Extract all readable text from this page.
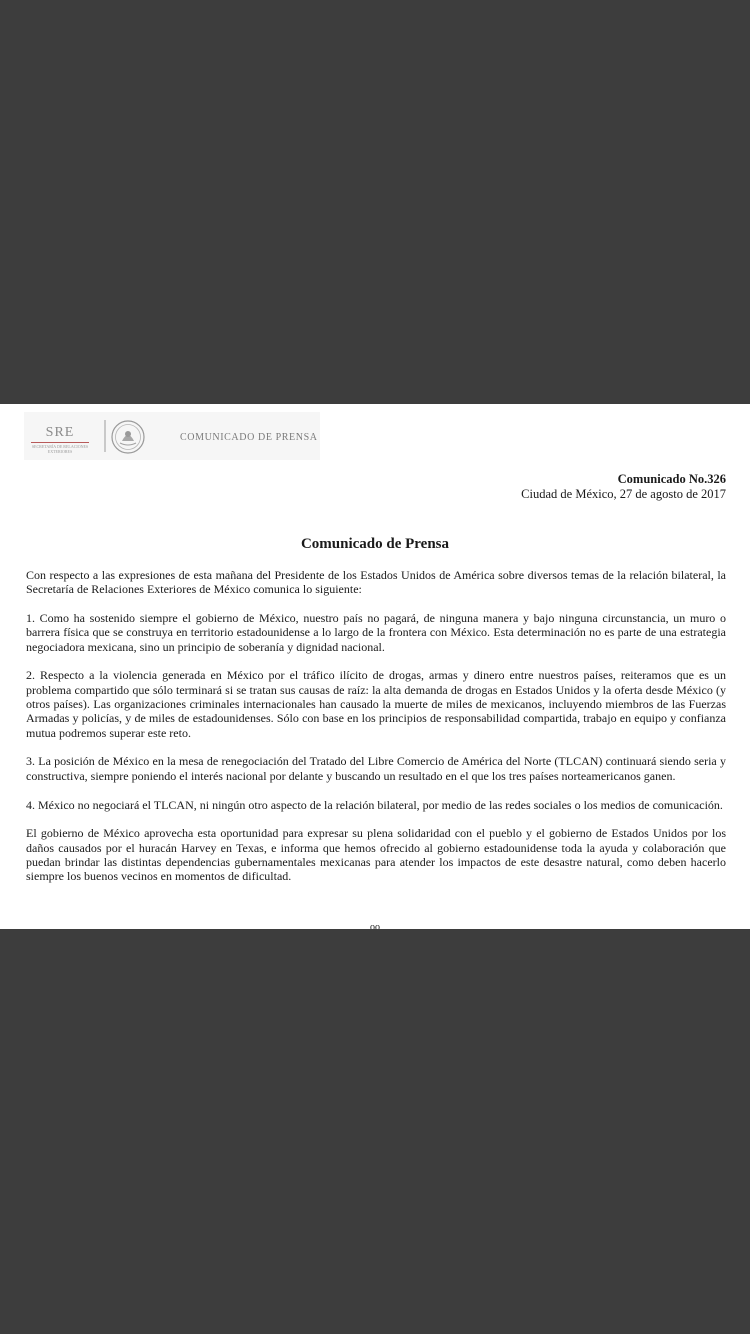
SRE
SECRETARÍA DE RELACIONES EXTERIORES
COMUNICADO DE PRENSA
Comunicado No.326
Ciudad de México, 27 de agosto de 2017
Comunicado de Prensa

Con respecto a las expresiones de esta mañana del Presidente de los Estados Unidos de América sobre diversos temas de la relación bilateral, la Secretaría de Relaciones Exteriores de México comunica lo siguiente:

1. Como ha sostenido siempre el gobierno de México, nuestro país no pagará, de ninguna manera y bajo ninguna circunstancia, un muro o barrera física que se construya en territorio estadounidense a lo largo de la frontera con México. Esta determinación no es parte de una estrategia negociadora mexicana, sino un principio de soberanía y dignidad nacional.

2. Respecto a la violencia generada en México por el tráfico ilícito de drogas, armas y dinero entre nuestros países, reiteramos que es un problema compartido que sólo terminará si se tratan sus causas de raíz: la alta demanda de drogas en Estados Unidos y la oferta desde México (y otros países). Las organizaciones criminales internacionales han causado la muerte de miles de mexicanos, incluyendo miembros de las Fuerzas Armadas y policías, y de miles de estadounidenses. Sólo con base en los principios de responsabilidad compartida, trabajo en equipo y confianza mutua podremos superar este reto.

3. La posición de México en la mesa de renegociación del Tratado del Libre Comercio de América del Norte (TLCAN) continuará siendo seria y constructiva, siempre poniendo el interés nacional por delante y buscando un resultado en el que los tres países norteamericanos ganen.

4. México no negociará el TLCAN, ni ningún otro aspecto de la relación bilateral, por medio de las redes sociales o los medios de comunicación.

El gobierno de México aprovecha esta oportunidad para expresar su plena solidaridad con el pueblo y el gobierno de Estados Unidos por los daños causados por el huracán Harvey en Texas, e informa que hemos ofrecido al gobierno estadounidense toda la ayuda y colaboración que puedan brindar las distintas dependencias gubernamentales mexicanas para atender los impactos de este desastre natural, como deben hacerlo siempre los buenos vecinos en momentos de dificultad.

oo
